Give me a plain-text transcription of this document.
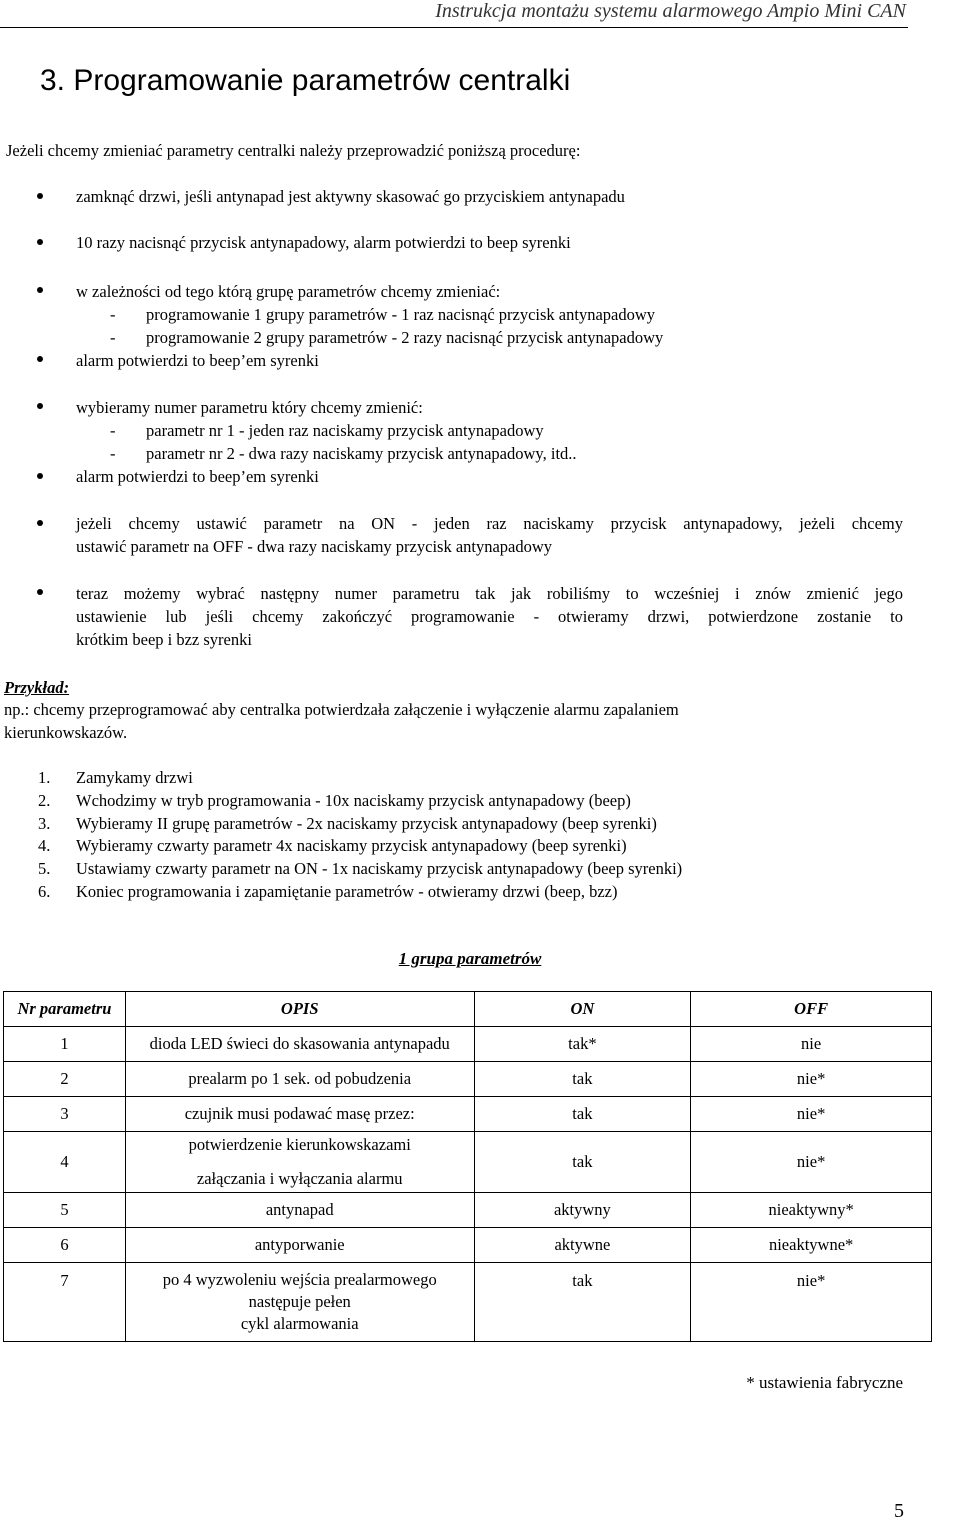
Instrukcja montażu systemu alarmowego Ampio Mini CAN
3. Programowanie parametrów centralki
Jeżeli chcemy zmieniać parametry centralki należy przeprowadzić poniższą procedurę:
zamknąć drzwi, jeśli antynapad jest aktywny skasować go przyciskiem antynapadu
10 razy nacisnąć przycisk antynapadowy, alarm potwierdzi to beep syrenki
w zależności od tego którą grupę parametrów chcemy zmieniać:
- programowanie 1 grupy parametrów - 1 raz nacisnąć przycisk antynapadowy
- programowanie 2 grupy parametrów - 2 razy nacisnąć przycisk antynapadowy
alarm potwierdzi to beep’em syrenki
wybieramy numer parametru który chcemy zmienić:
- parametr nr 1 - jeden raz naciskamy przycisk antynapadowy
- parametr nr 2 - dwa razy naciskamy przycisk antynapadowy, itd..
alarm potwierdzi to beep’em syrenki
jeżeli chcemy ustawić parametr na ON - jeden raz naciskamy przycisk antynapadowy, jeżeli chcemy
ustawić parametr na OFF - dwa razy naciskamy przycisk antynapadowy
teraz możemy wybrać następny numer parametru tak jak robiliśmy to wcześniej i znów zmienić jego
ustawienie lub jeśli chcemy zakończyć programowanie - otwieramy drzwi, potwierdzone zostanie to
krótkim beep i bzz syrenki
Przykład:
np.: chcemy przeprogramować aby centralka potwierdzała załączenie i wyłączenie alarmu zapalaniem
kierunkowskazów.
1. Zamykamy drzwi
2. Wchodzimy w tryb programowania - 10x naciskamy przycisk antynapadowy (beep)
3. Wybieramy II grupę parametrów - 2x naciskamy przycisk antynapadowy (beep syrenki)
4. Wybieramy czwarty parametr 4x naciskamy przycisk antynapadowy (beep syrenki)
5. Ustawiamy czwarty parametr na ON - 1x naciskamy przycisk antynapadowy (beep syrenki)
6. Koniec programowania i zapamiętanie parametrów - otwieramy drzwi (beep, bzz)
1 grupa parametrów
Nr parametru	OPIS	ON	OFF
1	dioda LED świeci do skasowania antynapadu	tak*	nie
2	prealarm po 1 sek. od pobudzenia	tak	nie*
3	czujnik musi podawać masę przez:	tak	nie*
4	potwierdzenie kierunkowskazami
załączania i wyłączania alarmu	tak	nie*
5	antynapad	aktywny	nieaktywny*
6	antyporwanie	aktywne	nieaktywne*
7	po 4 wyzwoleniu wejścia prealarmowego następuje pełen
cykl alarmowania	tak	nie*
* ustawienia fabryczne
5
